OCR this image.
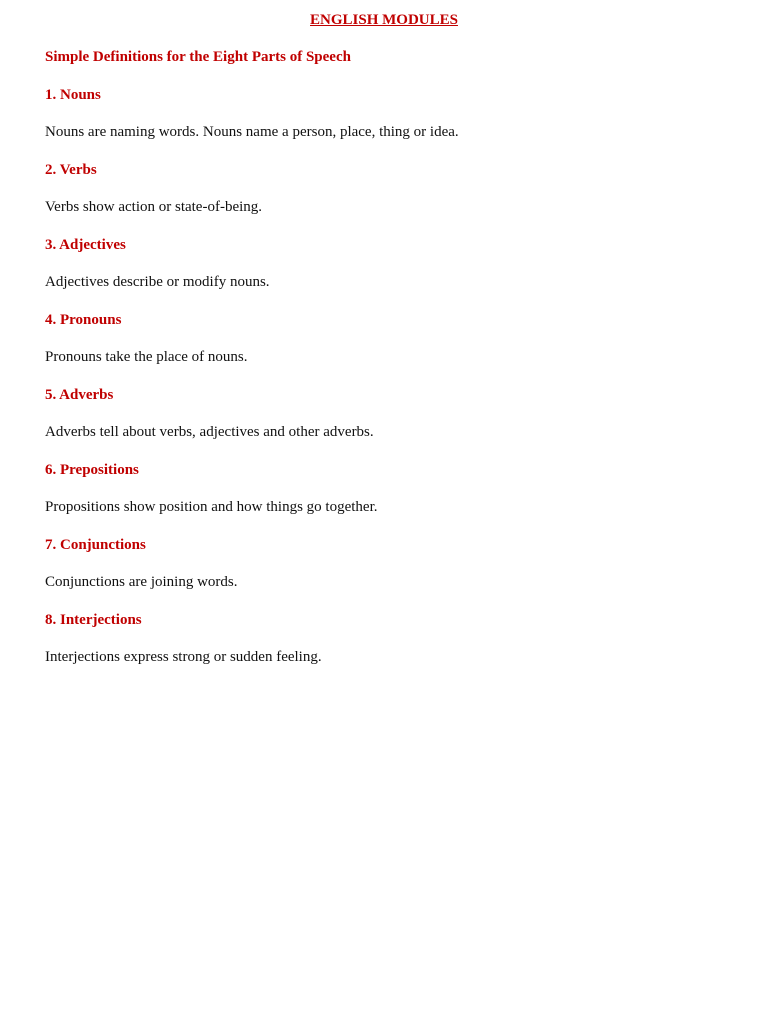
ENGLISH MODULES
Simple Definitions for the Eight Parts of Speech
1. Nouns

Nouns are naming words. Nouns name a person, place, thing or idea.

2. Verbs

Verbs show action or state-of-being.

3. Adjectives

Adjectives describe or modify nouns.

4. Pronouns

Pronouns take the place of nouns.

5. Adverbs

Adverbs tell about verbs, adjectives and other adverbs.

6. Prepositions

Propositions show position and how things go together.

7. Conjunctions

Conjunctions are joining words.

8. Interjections

Interjections express strong or sudden feeling.
